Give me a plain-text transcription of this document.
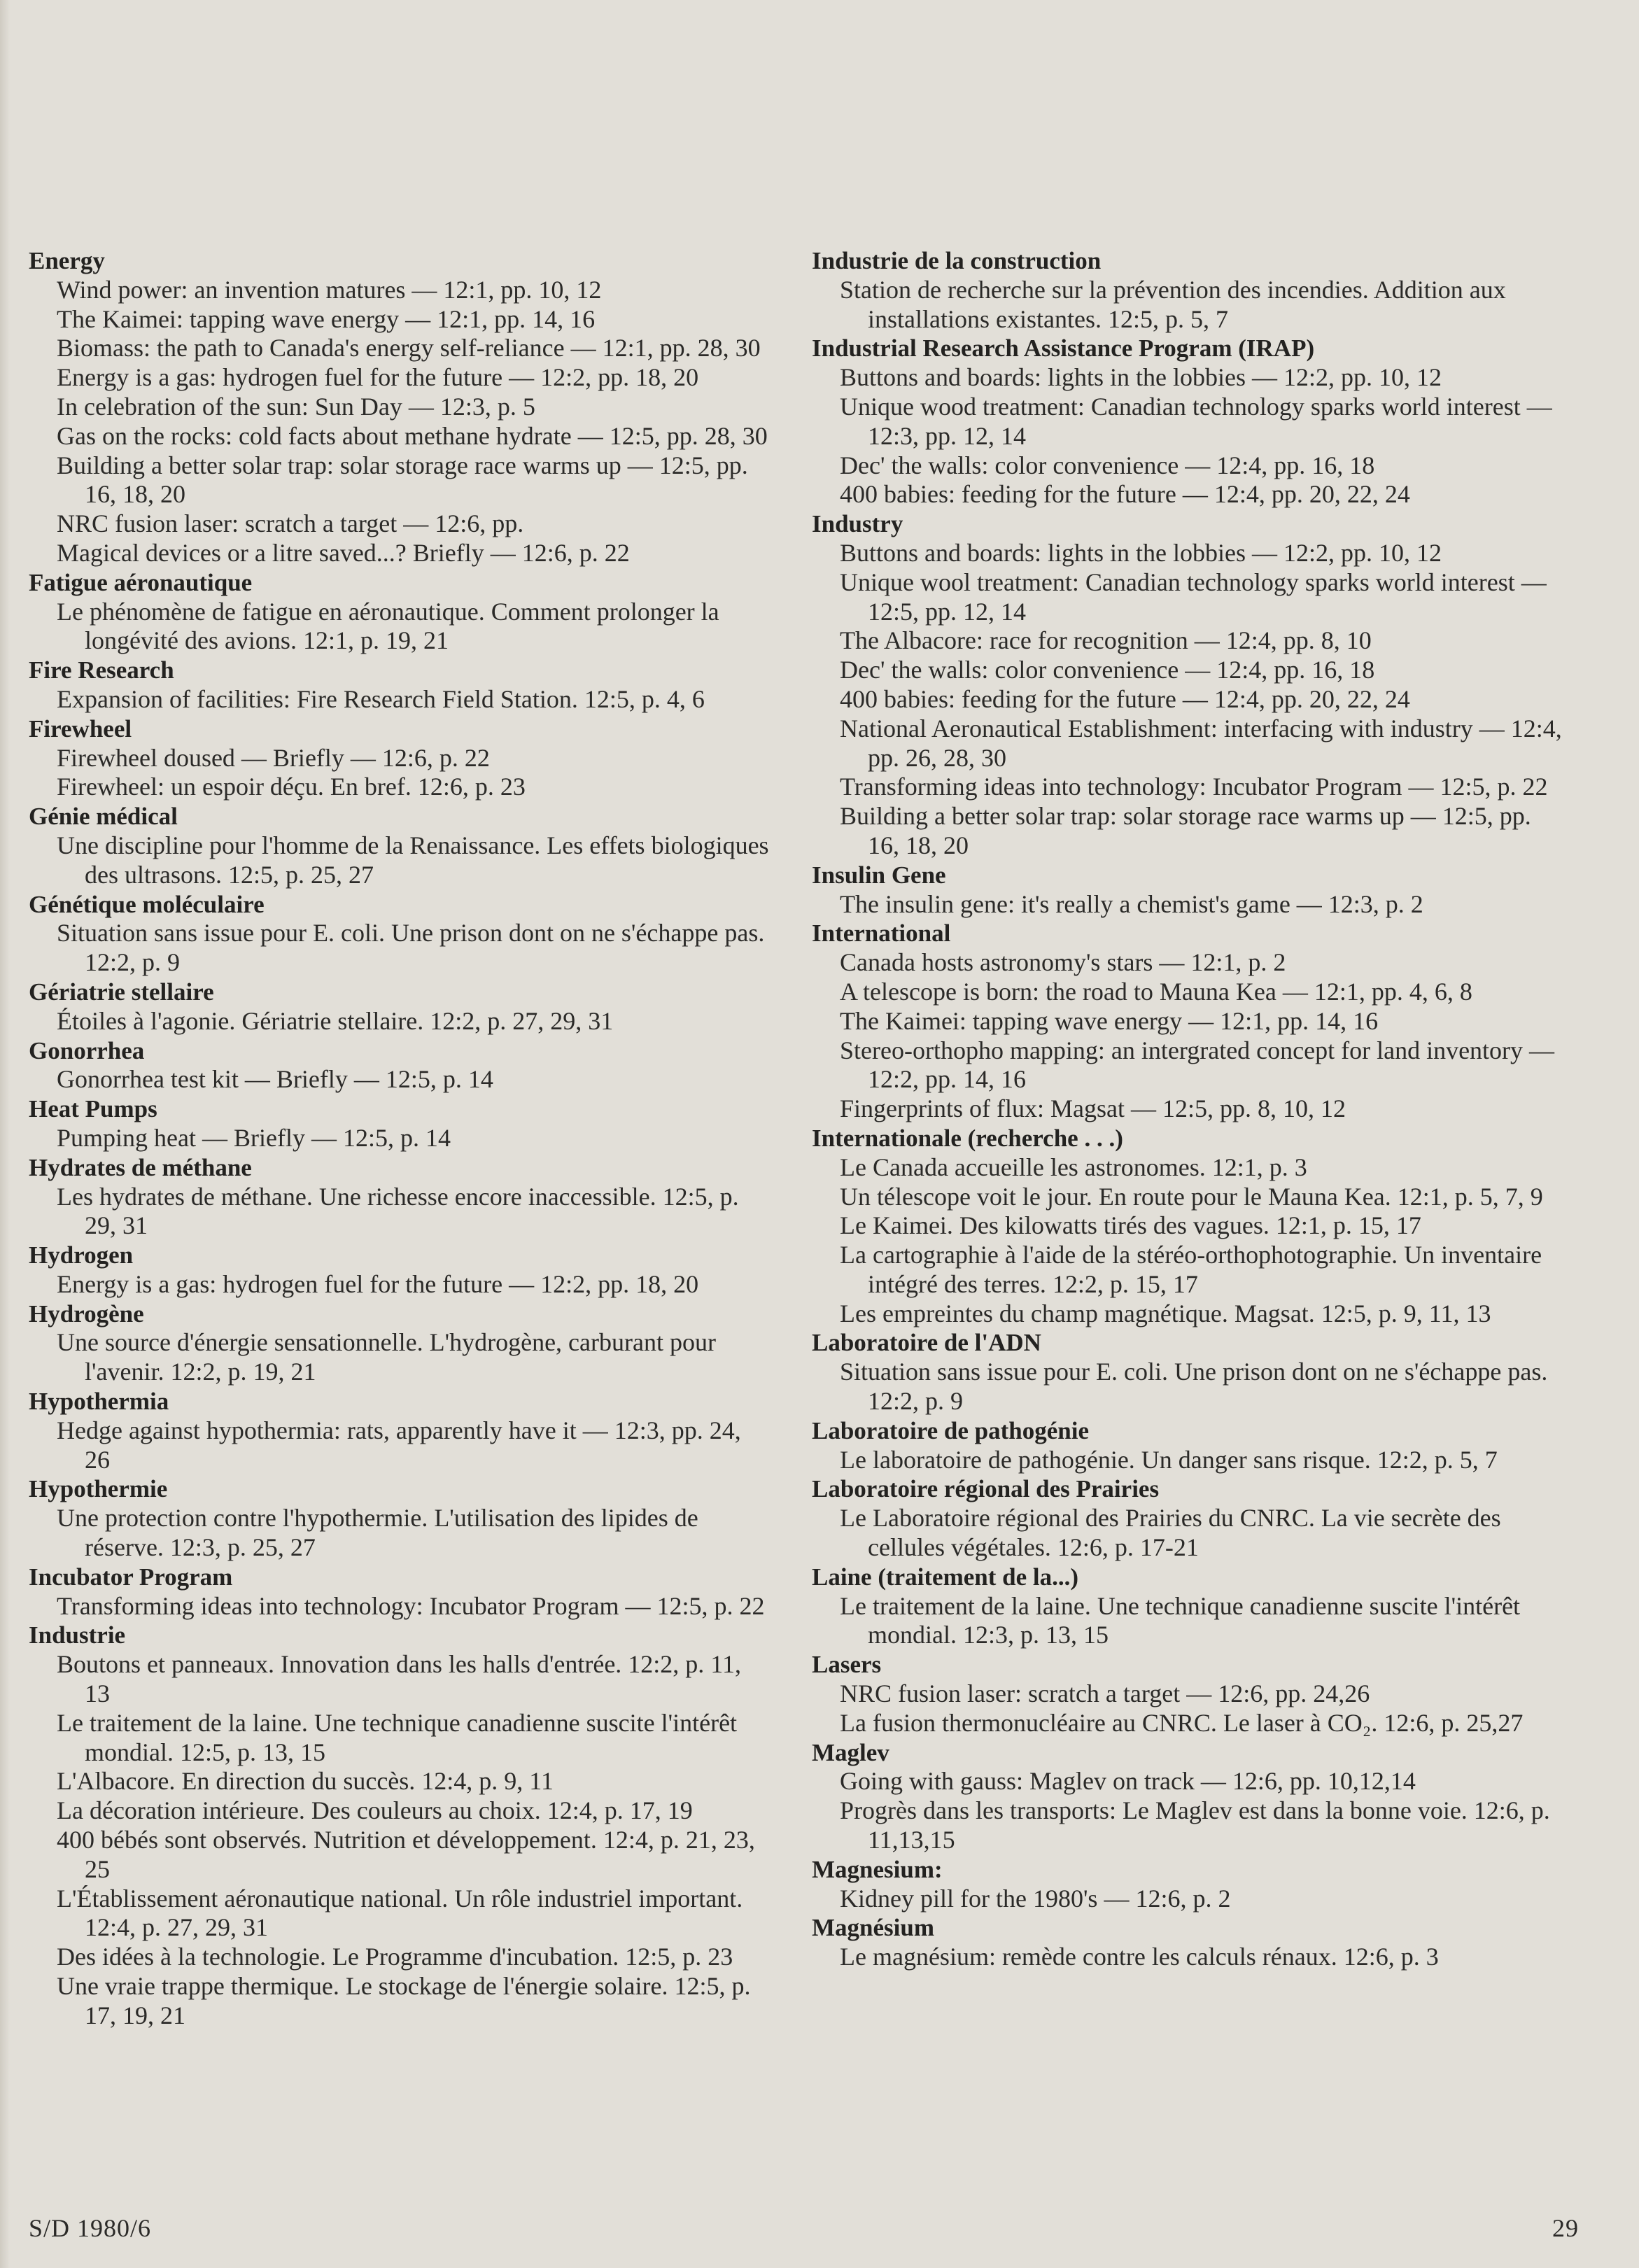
Energy
Wind power: an invention matures — 12:1, pp. 10, 12
The Kaimei: tapping wave energy — 12:1, pp. 14, 16
Biomass: the path to Canada's energy self-reliance — 12:1, pp. 28, 30
Energy is a gas: hydrogen fuel for the future — 12:2, pp. 18, 20
In celebration of the sun: Sun Day — 12:3, p. 5
Gas on the rocks: cold facts about methane hydrate — 12:5, pp. 28, 30
Building a better solar trap: solar storage race warms up — 12:5, pp. 16, 18, 20
NRC fusion laser: scratch a target — 12:6, pp.
Magical devices or a litre saved...? Briefly — 12:6, p. 22
Fatigue aéronautique
Le phénomène de fatigue en aéronautique. Comment prolonger la longévité des avions. 12:1, p. 19, 21
Fire Research
Expansion of facilities: Fire Research Field Station. 12:5, p. 4, 6
Firewheel
Firewheel doused — Briefly — 12:6, p. 22
Firewheel: un espoir déçu. En bref. 12:6, p. 23
Génie médical
Une discipline pour l'homme de la Renaissance. Les effets biologiques des ultrasons. 12:5, p. 25, 27
Génétique moléculaire
Situation sans issue pour E. coli. Une prison dont on ne s'échappe pas. 12:2, p. 9
Gériatrie stellaire
Étoiles à l'agonie. Gériatrie stellaire. 12:2, p. 27, 29, 31
Gonorrhea
Gonorrhea test kit — Briefly — 12:5, p. 14
Heat Pumps
Pumping heat — Briefly — 12:5, p. 14
Hydrates de méthane
Les hydrates de méthane. Une richesse encore inaccessible. 12:5, p. 29, 31
Hydrogen
Energy is a gas: hydrogen fuel for the future — 12:2, pp. 18, 20
Hydrogène
Une source d'énergie sensationnelle. L'hydrogène, carburant pour l'avenir. 12:2, p. 19, 21
Hypothermia
Hedge against hypothermia: rats, apparently have it — 12:3, pp. 24, 26
Hypothermie
Une protection contre l'hypothermie. L'utilisation des lipides de réserve. 12:3, p. 25, 27
Incubator Program
Transforming ideas into technology: Incubator Program — 12:5, p. 22
Industrie
Boutons et panneaux. Innovation dans les halls d'entrée. 12:2, p. 11, 13
Le traitement de la laine. Une technique canadienne suscite l'intérêt mondial. 12:5, p. 13, 15
L'Albacore. En direction du succès. 12:4, p. 9, 11
La décoration intérieure. Des couleurs au choix. 12:4, p. 17, 19
400 bébés sont observés. Nutrition et développement. 12:4, p. 21, 23, 25
L'Établissement aéronautique national. Un rôle industriel important. 12:4, p. 27, 29, 31
Des idées à la technologie. Le Programme d'incubation. 12:5, p. 23
Une vraie trappe thermique. Le stockage de l'énergie solaire. 12:5, p. 17, 19, 21
Industrie de la construction
Station de recherche sur la prévention des incendies. Addition aux installations existantes. 12:5, p. 5, 7
Industrial Research Assistance Program (IRAP)
Buttons and boards: lights in the lobbies — 12:2, pp. 10, 12
Unique wood treatment: Canadian technology sparks world interest — 12:3, pp. 12, 14
Dec' the walls: color convenience — 12:4, pp. 16, 18
400 babies: feeding for the future — 12:4, pp. 20, 22, 24
Industry
Buttons and boards: lights in the lobbies — 12:2, pp. 10, 12
Unique wool treatment: Canadian technology sparks world interest — 12:5, pp. 12, 14
The Albacore: race for recognition — 12:4, pp. 8, 10
Dec' the walls: color convenience — 12:4, pp. 16, 18
400 babies: feeding for the future — 12:4, pp. 20, 22, 24
National Aeronautical Establishment: interfacing with industry — 12:4, pp. 26, 28, 30
Transforming ideas into technology: Incubator Program — 12:5, p. 22
Building a better solar trap: solar storage race warms up — 12:5, pp. 16, 18, 20
Insulin Gene
The insulin gene: it's really a chemist's game — 12:3, p. 2
International
Canada hosts astronomy's stars — 12:1, p. 2
A telescope is born: the road to Mauna Kea — 12:1, pp. 4, 6, 8
The Kaimei: tapping wave energy — 12:1, pp. 14, 16
Stereo-orthopho mapping: an intergrated concept for land inventory — 12:2, pp. 14, 16
Fingerprints of flux: Magsat — 12:5, pp. 8, 10, 12
Internationale (recherche . . .)
Le Canada accueille les astronomes. 12:1, p. 3
Un télescope voit le jour. En route pour le Mauna Kea. 12:1, p. 5, 7, 9
Le Kaimei. Des kilowatts tirés des vagues. 12:1, p. 15, 17
La cartographie à l'aide de la stéréo-orthophotographie. Un inventaire intégré des terres. 12:2, p. 15, 17
Les empreintes du champ magnétique. Magsat. 12:5, p. 9, 11, 13
Laboratoire de l'ADN
Situation sans issue pour E. coli. Une prison dont on ne s'échappe pas. 12:2, p. 9
Laboratoire de pathogénie
Le laboratoire de pathogénie. Un danger sans risque. 12:2, p. 5, 7
Laboratoire régional des Prairies
Le Laboratoire régional des Prairies du CNRC. La vie secrète des cellules végétales. 12:6, p. 17-21
Laine (traitement de la...)
Le traitement de la laine. Une technique canadienne suscite l'intérêt mondial. 12:3, p. 13, 15
Lasers
NRC fusion laser: scratch a target — 12:6, pp. 24,26
La fusion thermonucléaire au CNRC. Le laser à CO₂. 12:6, p. 25,27
Maglev
Going with gauss: Maglev on track — 12:6, pp. 10,12,14
Progrès dans les transports: Le Maglev est dans la bonne voie. 12:6, p. 11,13,15
Magnesium:
Kidney pill for the 1980's — 12:6, p. 2
Magnésium
Le magnésium: remède contre les calculs rénaux. 12:6, p. 3
S/D 1980/6	29
